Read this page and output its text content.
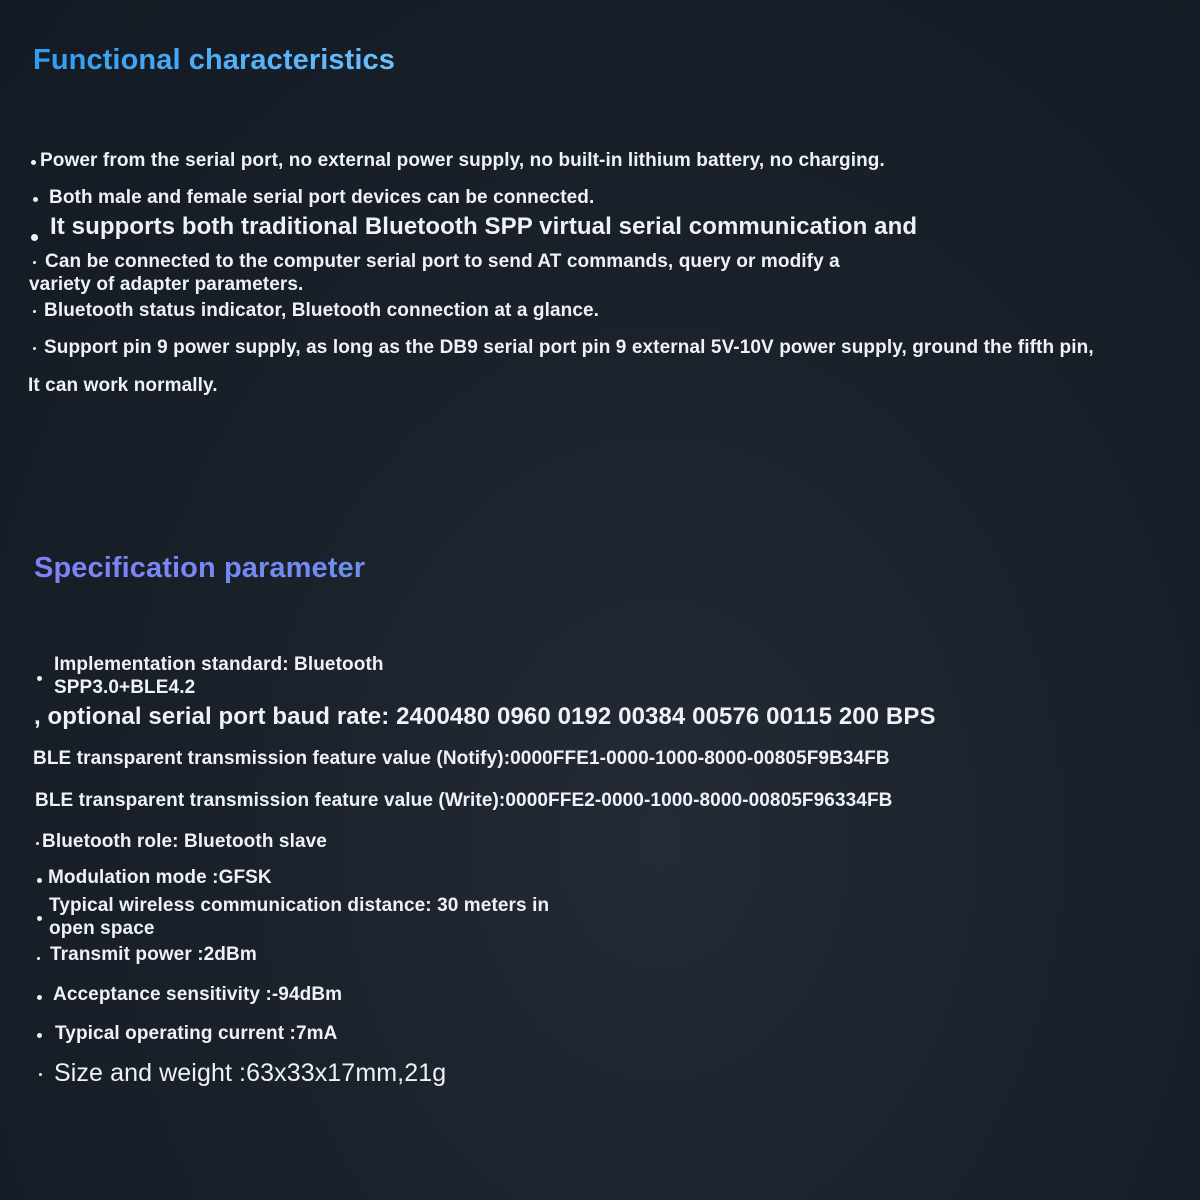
Functional characteristics

Power from the serial port, no external power supply, no built-in lithium battery, no charging.

Both male and female serial port devices can be connected.

It supports both traditional Bluetooth SPP virtual serial communication and

Can be connected to the computer serial port to send AT commands, query or modify a

variety of adapter parameters.

Bluetooth status indicator, Bluetooth connection at a glance.

Support pin 9 power supply, as long as the DB9 serial port pin 9 external 5V-10V power supply, ground the fifth pin,

It can work normally.

Specification parameter

Implementation standard: Bluetooth

SPP3.0+BLE4.2

, optional serial port baud rate: 2400480 0960 0192 00384 00576 00115 200 BPS

BLE transparent transmission feature value (Notify):0000FFE1-0000-1000-8000-00805F9B34FB

BLE transparent transmission feature value (Write):0000FFE2-0000-1000-8000-00805F96334FB

Bluetooth role: Bluetooth slave

Modulation mode :GFSK

Typical wireless communication distance: 30 meters in

open space

Transmit power :2dBm

Acceptance sensitivity :-94dBm

Typical operating current :7mA

Size and weight :63x33x17mm,21g
